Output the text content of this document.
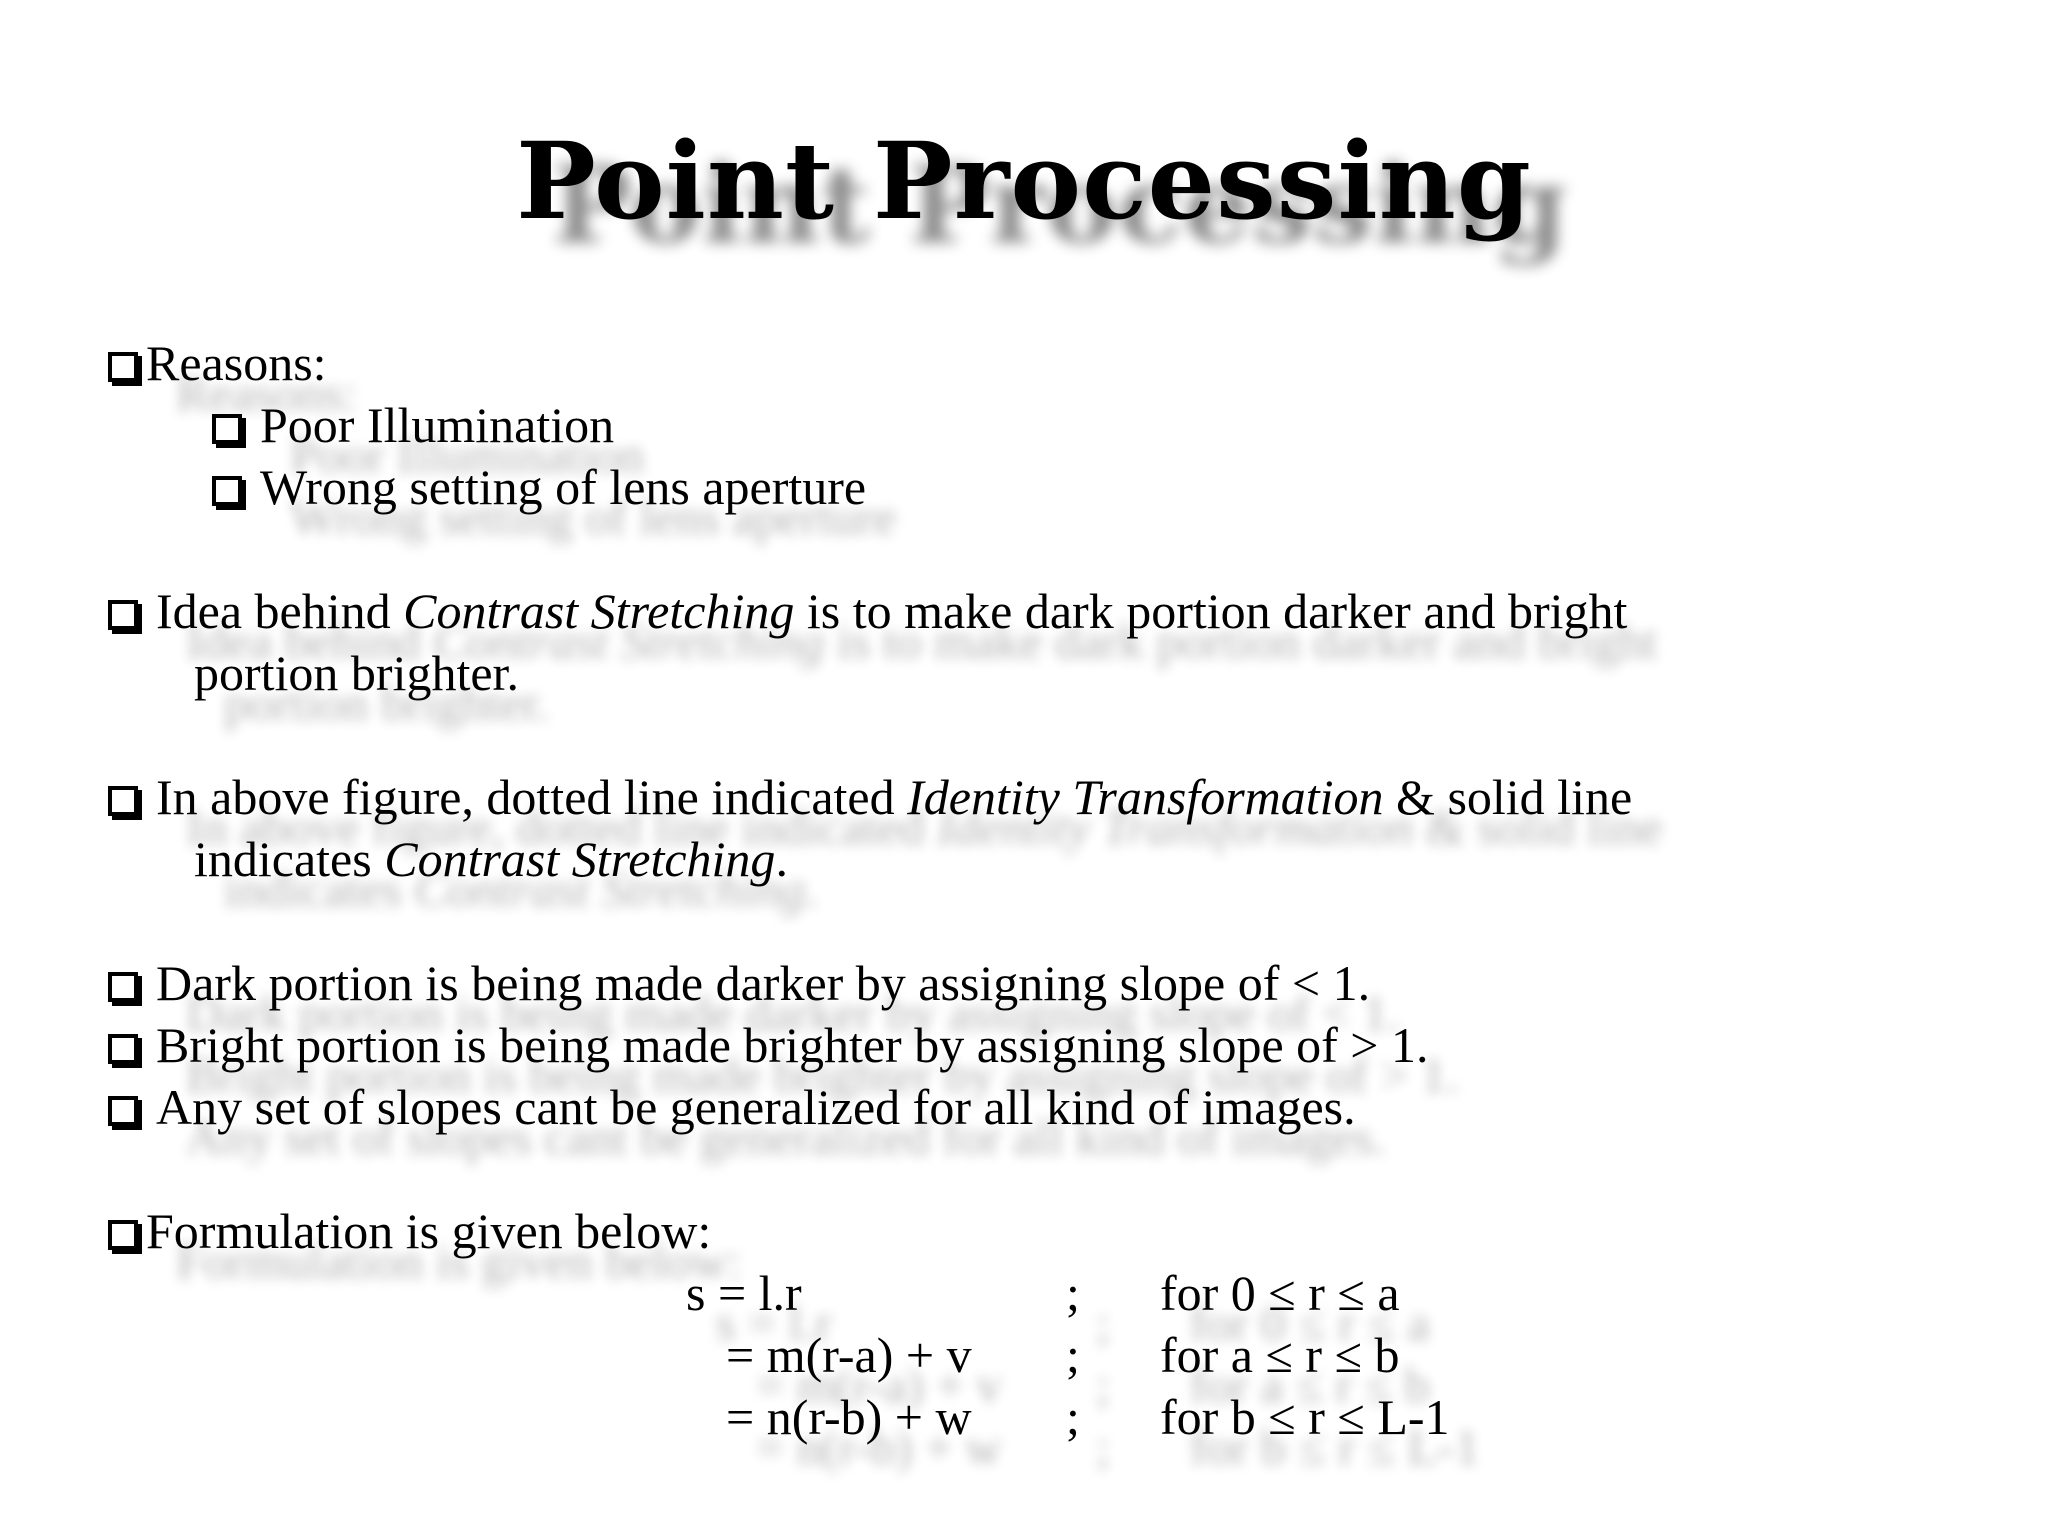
Point Processing
Reasons:
Poor Illumination
Wrong setting of lens aperture
Idea behind Contrast Stretching is to make dark portion darker and bright
portion brighter.
In above figure, dotted line indicated Identity Transformation & solid line
indicates Contrast Stretching.
Dark portion is being made darker by assigning slope of < 1.
Bright portion is being made brighter by assigning slope of > 1.
Any set of slopes cant be generalized for all kind of images.
Formulation is given below:
s = l.r	; for 0 ≤ r ≤ a
= m(r-a) + v ; for a ≤ r ≤ b
= n(r-b) + w ; for b ≤ r ≤ L-1
